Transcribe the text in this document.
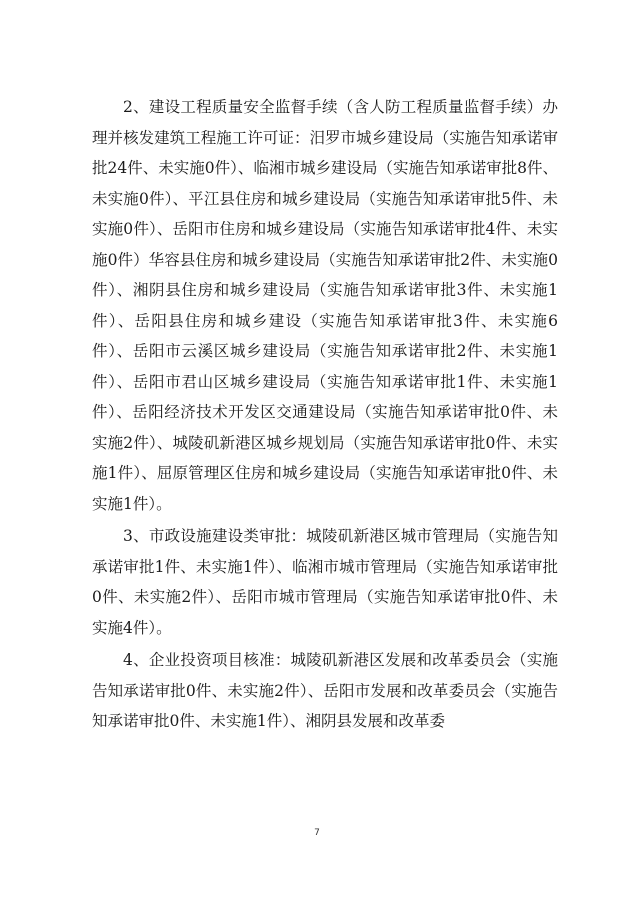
2、建设工程质量安全监督手续（含人防工程质量监督手续）办理并核发建筑工程施工许可证：汨罗市城乡建设局（实施告知承诺审批24件、未实施0件）、临湘市城乡建设局（实施告知承诺审批8件、未实施0件）、平江县住房和城乡建设局（实施告知承诺审批5件、未实施0件）、岳阳市住房和城乡建设局（实施告知承诺审批4件、未实施0件）华容县住房和城乡建设局（实施告知承诺审批2件、未实施0件）、湘阴县住房和城乡建设局（实施告知承诺审批3件、未实施1件）、岳阳县住房和城乡建设（实施告知承诺审批3件、未实施6件）、岳阳市云溪区城乡建设局（实施告知承诺审批2件、未实施1件）、岳阳市君山区城乡建设局（实施告知承诺审批1件、未实施1件）、岳阳经济技术开发区交通建设局（实施告知承诺审批0件、未实施2件）、城陵矶新港区城乡规划局（实施告知承诺审批0件、未实施1件）、屈原管理区住房和城乡建设局（实施告知承诺审批0件、未实施1件）。

3、市政设施建设类审批：城陵矶新港区城市管理局（实施告知承诺审批1件、未实施1件）、临湘市城市管理局（实施告知承诺审批0件、未实施2件）、岳阳市城市管理局（实施告知承诺审批0件、未实施4件）。

4、企业投资项目核准：城陵矶新港区发展和改革委员会（实施告知承诺审批0件、未实施2件）、岳阳市发展和改革委员会（实施告知承诺审批0件、未实施1件）、湘阴县发展和改革委

7
